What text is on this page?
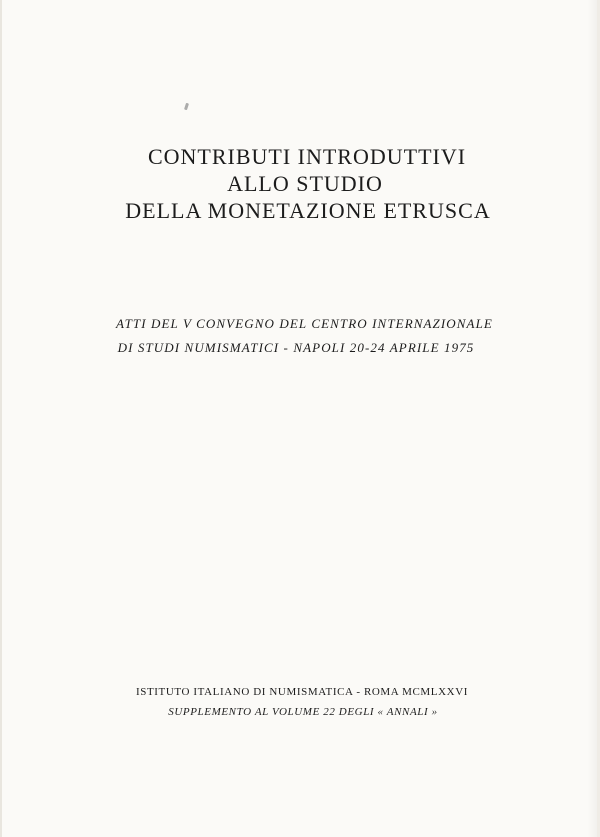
CONTRIBUTI INTRODUTTIVI
ALLO STUDIO
DELLA MONETAZIONE ETRUSCA
ATTI DEL V CONVEGNO DEL CENTRO INTERNAZIONALE
DI STUDI NUMISMATICI - NAPOLI 20-24 APRILE 1975
ISTITUTO ITALIANO DI NUMISMATICA - ROMA MCMLXXVI
SUPPLEMENTO AL VOLUME 22 DEGLI « ANNALI »
